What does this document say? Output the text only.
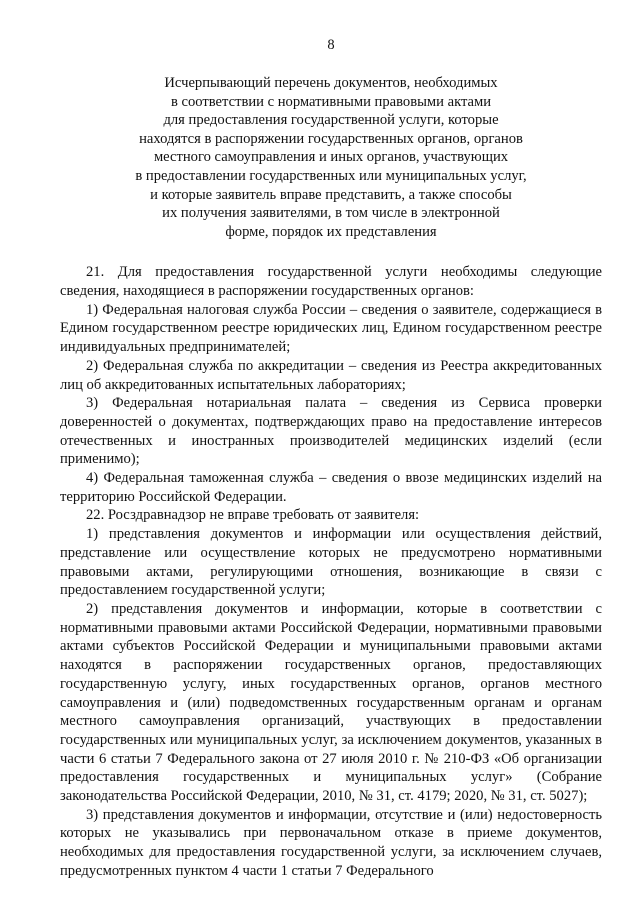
8
Исчерпывающий перечень документов, необходимых
в соответствии с нормативными правовыми актами
для предоставления государственной услуги, которые
находятся в распоряжении государственных органов, органов
местного самоуправления и иных органов, участвующих
в предоставлении государственных или муниципальных услуг,
и которые заявитель вправе представить, а также способы
их получения заявителями, в том числе в электронной
форме, порядок их представления

21. Для предоставления государственной услуги необходимы следующие сведения, находящиеся в распоряжении государственных органов:

1) Федеральная налоговая служба России – сведения о заявителе, содержащиеся в Едином государственном реестре юридических лиц, Едином государственном реестре индивидуальных предпринимателей;

2) Федеральная служба по аккредитации – сведения из Реестра аккредитованных лиц об аккредитованных испытательных лабораториях;

3) Федеральная нотариальная палата – сведения из Сервиса проверки доверенностей о документах, подтверждающих право на предоставление интересов отечественных и иностранных производителей медицинских изделий (если применимо);

4) Федеральная таможенная служба – сведения о ввозе медицинских изделий на территорию Российской Федерации.

22. Росздравнадзор не вправе требовать от заявителя:

1) представления документов и информации или осуществления действий, представление или осуществление которых не предусмотрено нормативными правовыми актами, регулирующими отношения, возникающие в связи с предоставлением государственной услуги;

2) представления документов и информации, которые в соответствии с нормативными правовыми актами Российской Федерации, нормативными правовыми актами субъектов Российской Федерации и муниципальными правовыми актами находятся в распоряжении государственных органов, предоставляющих государственную услугу, иных государственных органов, органов местного самоуправления и (или) подведомственных государственным органам и органам местного самоуправления организаций, участвующих в предоставлении государственных или муниципальных услуг, за исключением документов, указанных в части 6 статьи 7 Федерального закона от 27 июля 2010 г. № 210-ФЗ «Об организации предоставления государственных и муниципальных услуг» (Собрание законодательства Российской Федерации, 2010, № 31, ст. 4179; 2020, № 31, ст. 5027);

3) представления документов и информации, отсутствие и (или) недостоверность которых не указывались при первоначальном отказе в приеме документов, необходимых для предоставления государственной услуги, за исключением случаев, предусмотренных пунктом 4 части 1 статьи 7 Федерального
